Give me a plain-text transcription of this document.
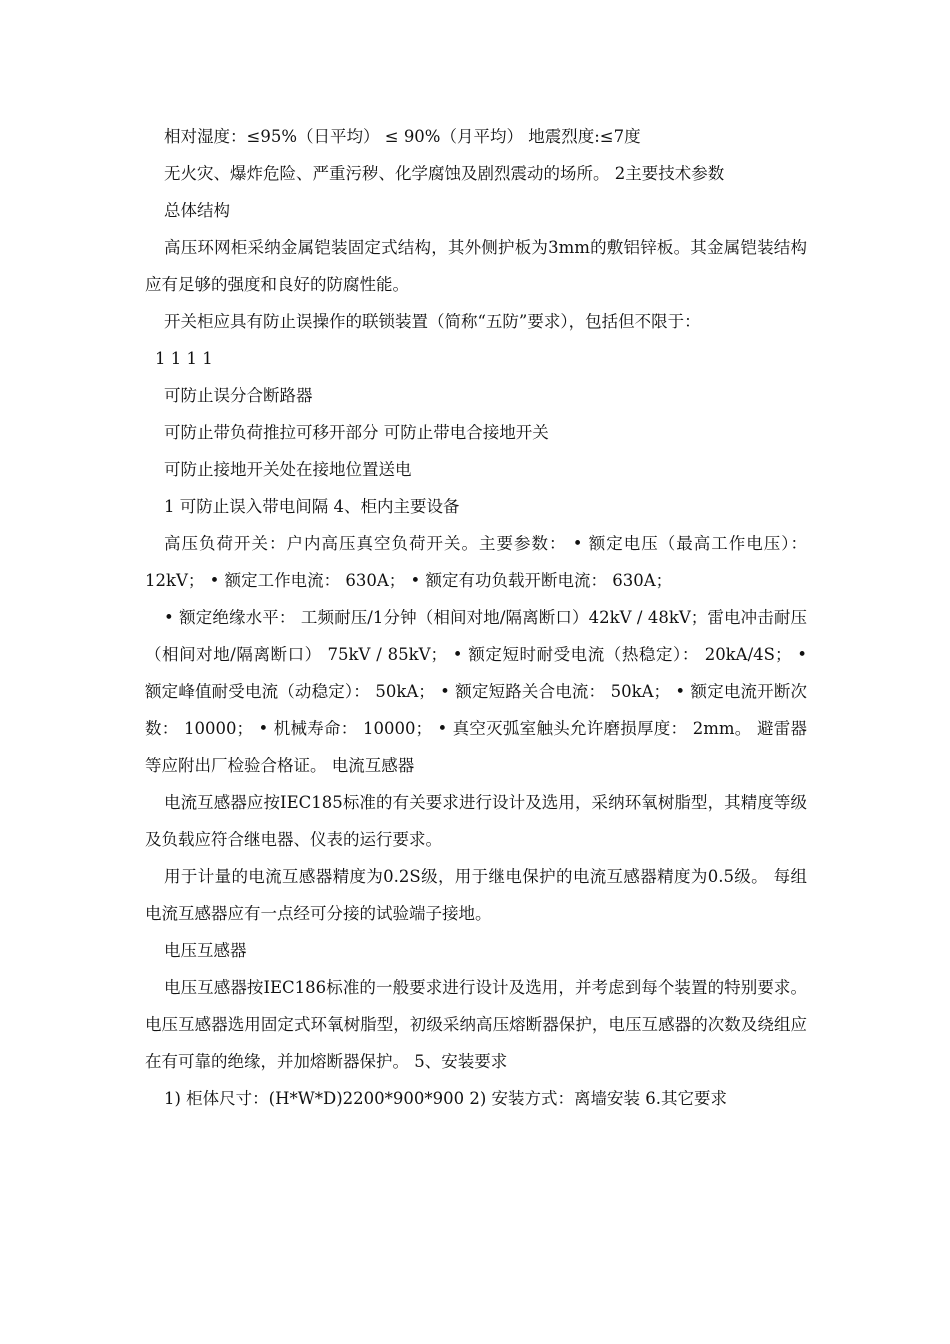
相对湿度：≤95%（日平均） ≤ 90%（月平均） 地震烈度:≤7度

无火灾、爆炸危险、严重污秽、化学腐蚀及剧烈震动的场所。 2主要技术参数

总体结构

高压环网柜采纳金属铠装固定式结构，其外侧护板为3mm的敷铝锌板。其金属铠装结构应有足够的强度和良好的防腐性能。

开关柜应具有防止误操作的联锁装置（简称“五防”要求），包括但不限于：

1 1 1 1

可防止误分合断路器

可防止带负荷推拉可移开部分 可防止带电合接地开关

可防止接地开关处在接地位置送电

1 可防止误入带电间隔 4、柜内主要设备

高压负荷开关：户内高压真空负荷开关。主要参数： • 额定电压（最高工作电压）： 12kV； • 额定工作电流： 630A； • 额定有功负载开断电流： 630A；

• 额定绝缘水平： 工频耐压/1分钟（相间对地/隔离断口）42kV / 48kV；雷电冲击耐压（相间对地/隔离断口） 75kV / 85kV； • 额定短时耐受电流（热稳定）： 20kA/4S； • 额定峰值耐受电流（动稳定）： 50kA； • 额定短路关合电流： 50kA； • 额定电流开断次数： 10000； • 机械寿命： 10000； • 真空灭弧室触头允许磨损厚度： 2mm。 避雷器等应附出厂检验合格证。 电流互感器

电流互感器应按IEC185标准的有关要求进行设计及选用，采纳环氧树脂型，其精度等级及负载应符合继电器、仪表的运行要求。

用于计量的电流互感器精度为0.2S级，用于继电保护的电流互感器精度为0.5级。 每组电流互感器应有一点经可分接的试验端子接地。

电压互感器

电压互感器按IEC186标准的一般要求进行设计及选用，并考虑到每个装置的特别要求。 电压互感器选用固定式环氧树脂型，初级采纳高压熔断器保护，电压互感器的次数及绕组应在有可靠的绝缘，并加熔断器保护。 5、安装要求

1) 柜体尺寸：(H*W*D)2200*900*900 2) 安装方式：离墙安装 6.其它要求
